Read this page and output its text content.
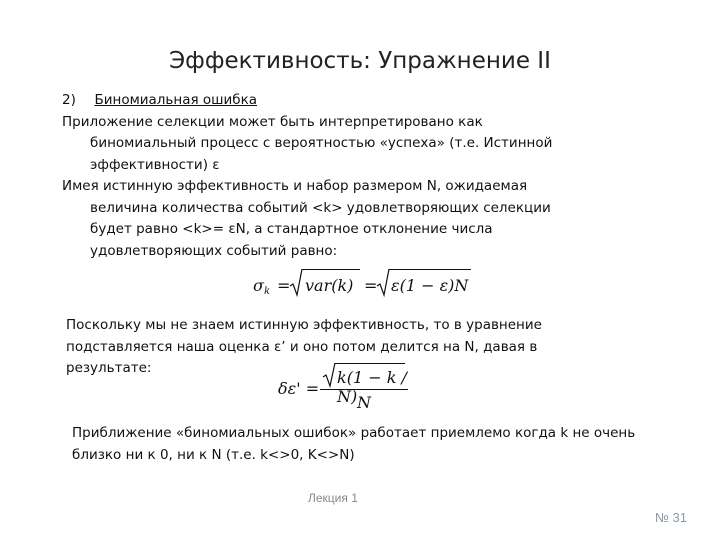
Эффективность: Упражнение II
2) Биномиальная ошибка
Приложение селекции может быть интерпретировано как
биномиальный процесс с вероятностью «успеха» (т.е. Истинной
эффективности) ε
Имея истинную эффективность и набор размером N, ожидаемая
величина количества событий <k> удовлетворяющих селекции
будет равно <k>= εN, а стандартное отклонение числа
удовлетворяющих событий равно:
σ k = var(k) = ε(1 − ε)N
Поскольку мы не знаем истинную эффективность, то в уравнение
подставляется наша оценка ε’ и оно потом делится на N, давая в
результате:
δε' =
k(1 − k / N) N
Приближение «биномиальных ошибок» работает приемлемо когда k не очень
близко ни к 0, ни к N (т.е. k<>0, K<>N)
Лекция 1
№ 31
